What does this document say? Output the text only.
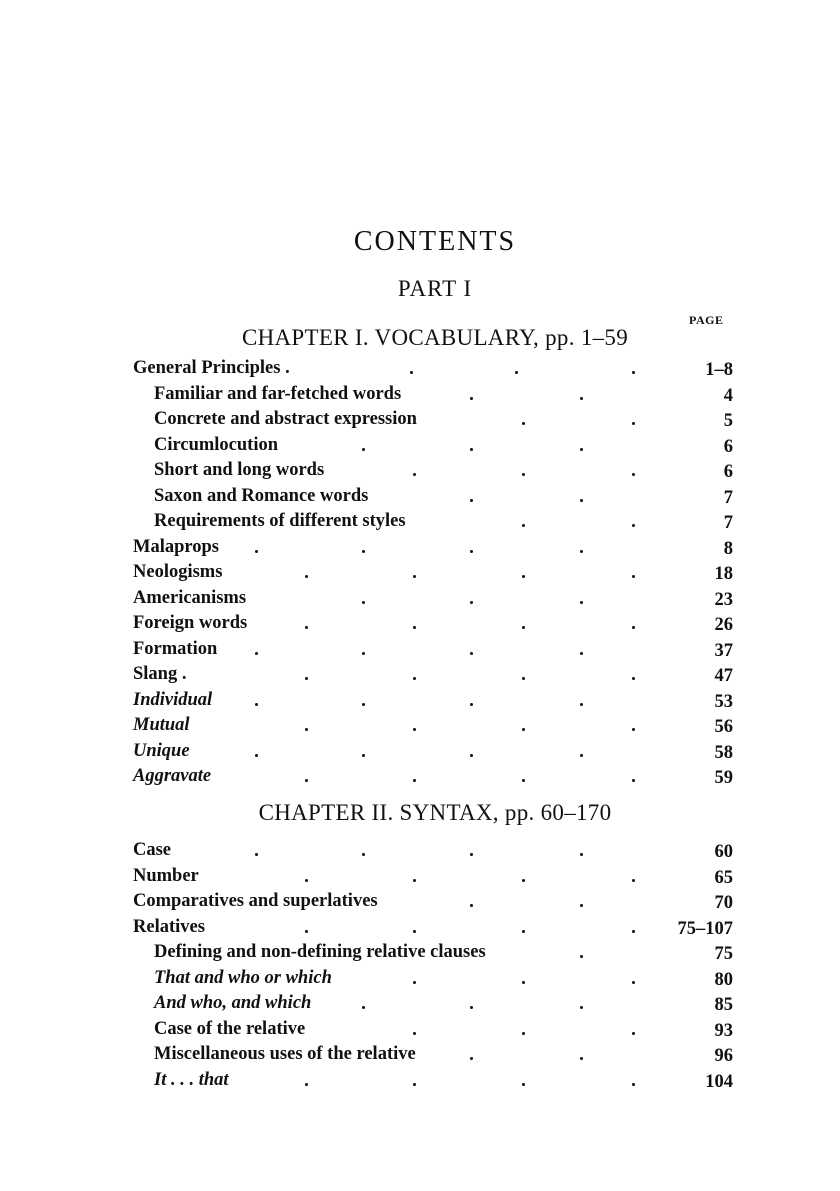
CONTENTS
PART I
PAGE
CHAPTER I. VOCABULARY, pp. 1–59
General Principles .	1–8
Familiar and far-fetched words	4
Concrete and abstract expression	5
Circumlocution	6
Short and long words	6
Saxon and Romance words	7
Requirements of different styles	7
Malaprops	8
Neologisms	18
Americanisms	23
Foreign words	26
Formation	37
Slang .	47
Individual	53
Mutual	56
Unique	58
Aggravate	59
CHAPTER II. SYNTAX, pp. 60–170
Case	60
Number	65
Comparatives and superlatives	70
Relatives	75–107
Defining and non-defining relative clauses	75
That and who or which	80
And who, and which	85
Case of the relative	93
Miscellaneous uses of the relative	96
It . . . that	104
